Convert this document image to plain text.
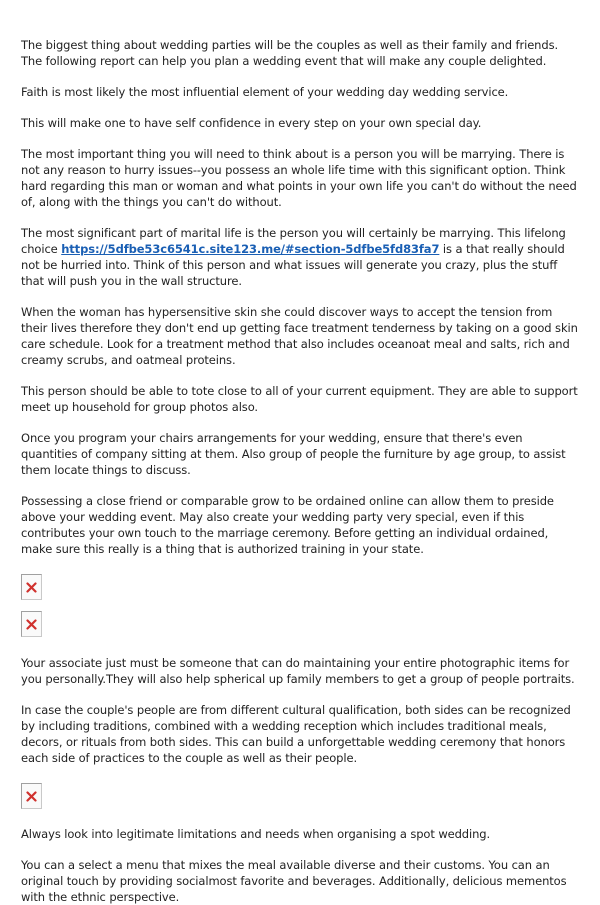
The biggest thing about wedding parties will be the couples as well as their family and friends. The following report can help you plan a wedding event that will make any couple delighted.

Faith is most likely the most influential element of your wedding day wedding service.

This will make one to have self confidence in every step on your own special day.

The most important thing you will need to think about is a person you will be marrying. There is not any reason to hurry issues--you possess an whole life time with this significant option. Think hard regarding this man or woman and what points in your own life you can't do without the need of, along with the things you can't do without.

The most significant part of marital life is the person you will certainly be marrying. This lifelong choice https://5dfbe53c6541c.site123.me/#section-5dfbe5fd83fa7 is a that really should not be hurried into. Think of this person and what issues will generate you crazy, plus the stuff that will push you in the wall structure.

When the woman has hypersensitive skin she could discover ways to accept the tension from their lives therefore they don't end up getting face treatment tenderness by taking on a good skin care schedule. Look for a treatment method that also includes oceanoat meal and salts, rich and creamy scrubs, and oatmeal proteins.

This person should be able to tote close to all of your current equipment. They are able to support meet up household for group photos also.

Once you program your chairs arrangements for your wedding, ensure that there's even quantities of company sitting at them. Also group of people the furniture by age group, to assist them locate things to discuss.

Possessing a close friend or comparable grow to be ordained online can allow them to preside above your wedding event. May also create your wedding party very special, even if this contributes your own touch to the marriage ceremony. Before getting an individual ordained, make sure this really is a thing that is authorized training in your state.

Your associate just must be someone that can do maintaining your entire photographic items for you personally.They will also help spherical up family members to get a group of people portraits.

In case the couple's people are from different cultural qualification, both sides can be recognized by including traditions, combined with a wedding reception which includes traditional meals, decors, or rituals from both sides. This can build a unforgettable wedding ceremony that honors each side of practices to the couple as well as their people.

Always look into legitimate limitations and needs when organising a spot wedding.

You can a select a menu that mixes the meal available diverse and their customs. You can an original touch by providing socialmost favorite and beverages. Additionally, delicious mementos with the ethnic perspective.
